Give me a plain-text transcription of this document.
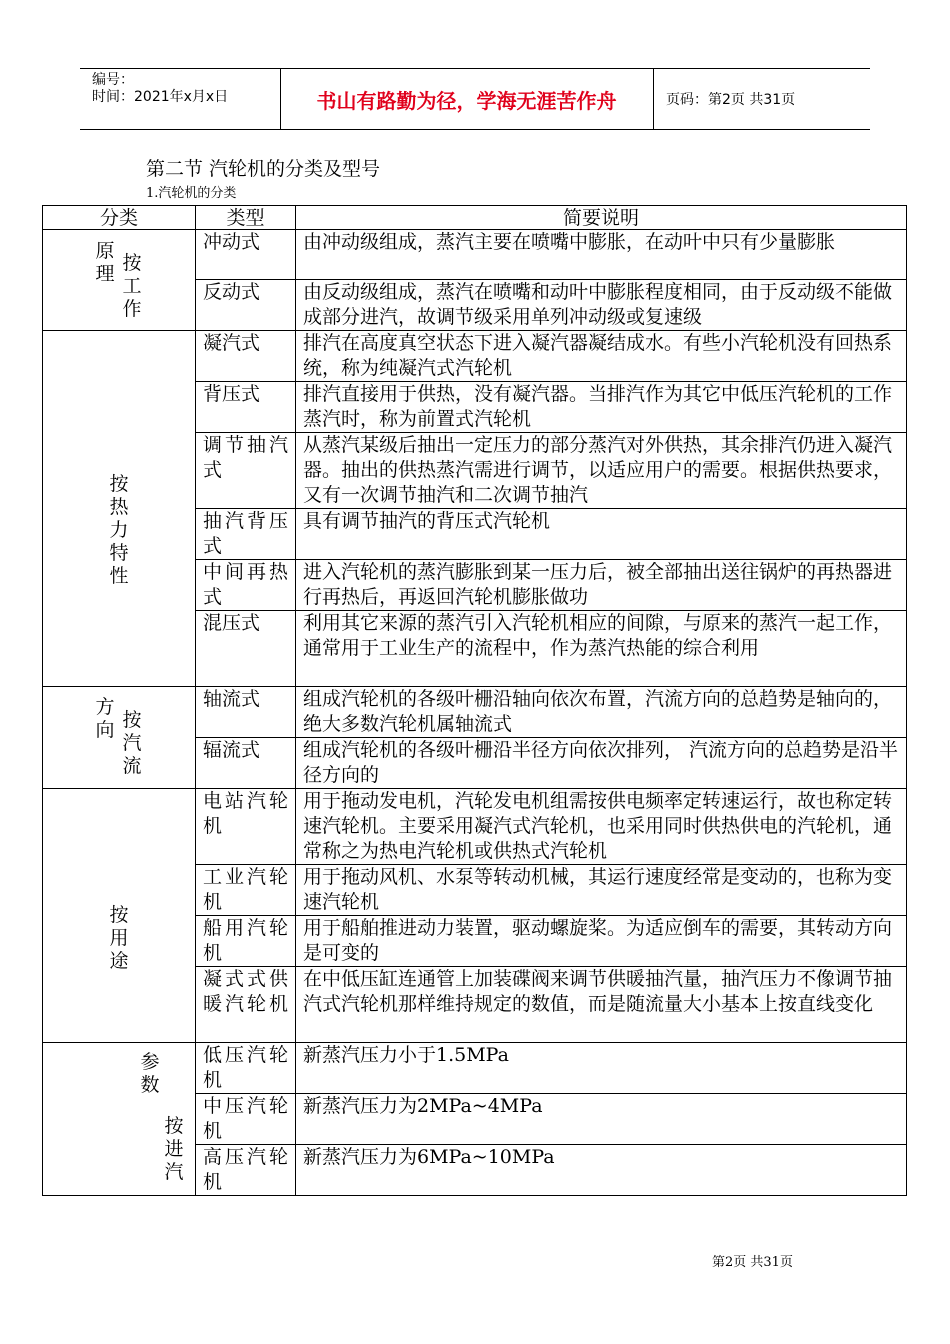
编号：
时间：2021年x月x日	书山有路勤为径，学海无涯苦作舟	页码：第2页 共31页
第二节 汽轮机的分类及型号
1.汽轮机的分类
分类	类型	简要说明

原理 按工作	冲动式	由冲动级组成，蒸汽主要在喷嘴中膨胀，在动叶中只有少量膨胀
	反动式	由反动级组成，蒸汽在喷嘴和动叶中膨胀程度相同，由于反动级不能做成部分进汽，故调节级采用单列冲动级或复速级

按热力特性	凝汽式	排汽在高度真空状态下进入凝汽器凝结成水。有些小汽轮机没有回热系统，称为纯凝汽式汽轮机
	背压式	排汽直接用于供热，没有凝汽器。当排汽作为其它中低压汽轮机的工作蒸汽时，称为前置式汽轮机
	调节抽汽式	从蒸汽某级后抽出一定压力的部分蒸汽对外供热，其余排汽仍进入凝汽器。抽出的供热蒸汽需进行调节，以适应用户的需要。根据供热要求，又有一次调节抽汽和二次调节抽汽
	抽汽背压式	具有调节抽汽的背压式汽轮机
	中间再热式	进入汽轮机的蒸汽膨胀到某一压力后，被全部抽出送往锅炉的再热器进行再热后，再返回汽轮机膨胀做功
	混压式	利用其它来源的蒸汽引入汽轮机相应的间隙，与原来的蒸汽一起工作，通常用于工业生产的流程中，作为蒸汽热能的综合利用

方向 按汽流	轴流式	组成汽轮机的各级叶栅沿轴向依次布置，汽流方向的总趋势是轴向的，绝大多数汽轮机属轴流式
	辐流式	组成汽轮机的各级叶栅沿半径方向依次排列， 汽流方向的总趋势是沿半径方向的

按用途	电站汽轮机	用于拖动发电机，汽轮发电机组需按供电频率定转速运行，故也称定转速汽轮机。主要采用凝汽式汽轮机，也采用同时供热供电的汽轮机，通常称之为热电汽轮机或供热式汽轮机
	工业汽轮机	用于拖动风机、水泵等转动机械，其运行速度经常是变动的，也称为变速汽轮机
	船用汽轮机	用于船舶推进动力装置，驱动螺旋桨。为适应倒车的需要，其转动方向是可变的
	凝式式供暖汽轮机	在中低压缸连通管上加装碟阀来调节供暖抽汽量，抽汽压力不像调节抽汽式汽轮机那样维持规定的数值，而是随流量大小基本上按直线变化

参数
按进汽	低压汽轮机	新蒸汽压力小于1.5MPa
	中压汽轮机	新蒸汽压力为2MPa~4MPa
	高压汽轮机	新蒸汽压力为6MPa~10MPa
第2页 共31页
